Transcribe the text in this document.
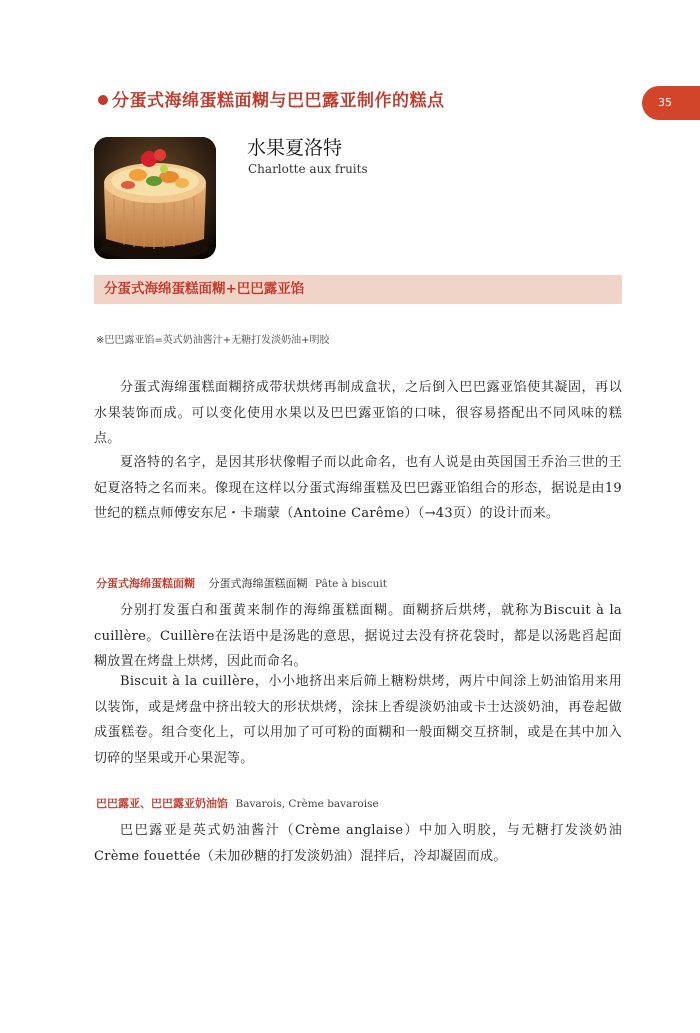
35
分蛋式海绵蛋糕面糊与巴巴露亚制作的糕点
水果夏洛特
Charlotte aux fruits
分蛋式海绵蛋糕面糊+巴巴露亚馅
※巴巴露亚馅=英式奶油酱汁+无糖打发淡奶油+明胶

分蛋式海绵蛋糕面糊挤成带状烘烤再制成盒状，之后倒入巴巴露亚馅使其凝固，再以水果装饰而成。可以变化使用水果以及巴巴露亚馅的口味，很容易搭配出不同风味的糕点。

夏洛特的名字，是因其形状像帽子而以此命名，也有人说是由英国国王乔治三世的王妃夏洛特之名而来。像现在这样以分蛋式海绵蛋糕及巴巴露亚馅组合的形态，据说是由19世纪的糕点师傅安东尼・卡瑞蒙（Antoine Carême）（→43页）的设计而来。

分蛋式海绵蛋糕面糊 分蛋式海绵蛋糕面糊 Pâte à biscuit

分别打发蛋白和蛋黄来制作的海绵蛋糕面糊。面糊挤后烘烤，就称为Biscuit à la cuillère。Cuillère在法语中是汤匙的意思，据说过去没有挤花袋时，都是以汤匙舀起面糊放置在烤盘上烘烤，因此而命名。

Biscuit à la cuillère，小小地挤出来后筛上糖粉烘烤，两片中间涂上奶油馅用来用以装饰，或是烤盘中挤出较大的形状烘烤，涂抹上香缇淡奶油或卡士达淡奶油，再卷起做成蛋糕卷。组合变化上，可以用加了可可粉的面糊和一般面糊交互挤制，或是在其中加入切碎的坚果或开心果泥等。

巴巴露亚、巴巴露亚奶油馅 Bavarois, Crème bavaroise

巴巴露亚是英式奶油酱汁（Crème anglaise）中加入明胶，与无糖打发淡奶油Crème fouettée（未加砂糖的打发淡奶油）混拌后，冷却凝固而成。
